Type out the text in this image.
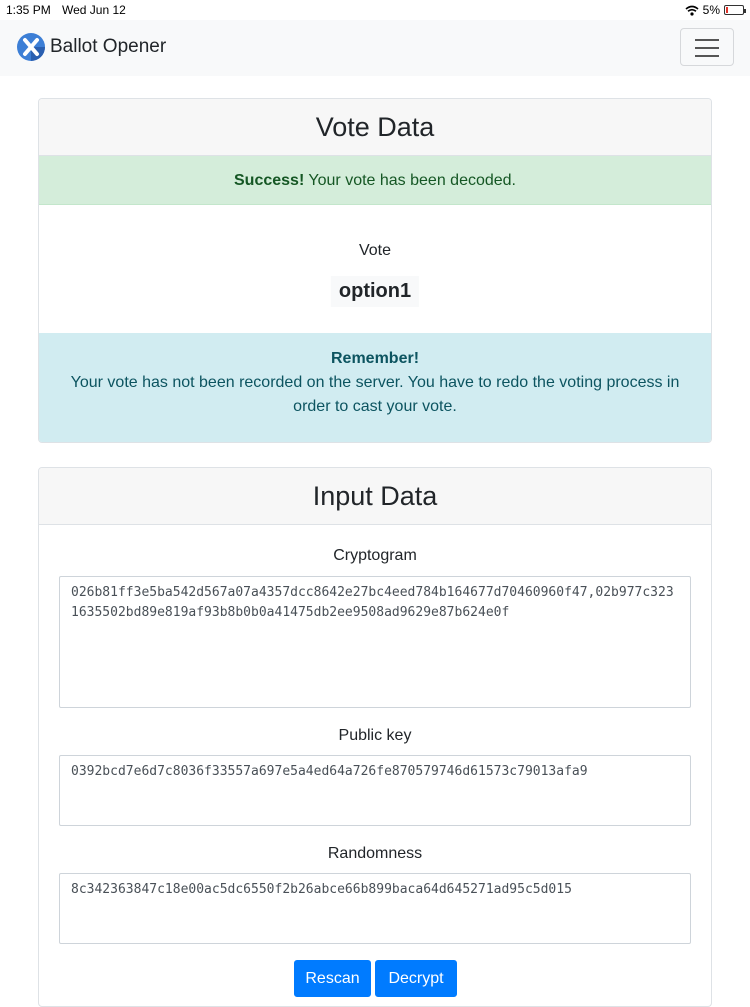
1:35 PM Wed Jun 12	5%
Ballot Opener
Vote Data
Success! Your vote has been decoded.
Vote
option1
Remember!
Your vote has not been recorded on the server. You have to redo the voting process in order to cast your vote.
Input Data
Cryptogram
026b81ff3e5ba542d567a07a4357dcc8642e27bc4eed784b164677d70460960f47,02b977c3231635502bd89e819af93b8b0b0a41475db2ee9508ad9629e87b624e0f
Public key
0392bcd7e6d7c8036f33557a697e5a4ed64a726fe870579746d61573c79013afa9
Randomness
8c342363847c18e00ac5dc6550f2b26abce66b899baca64d645271ad95c5d015
Rescan	Decrypt
